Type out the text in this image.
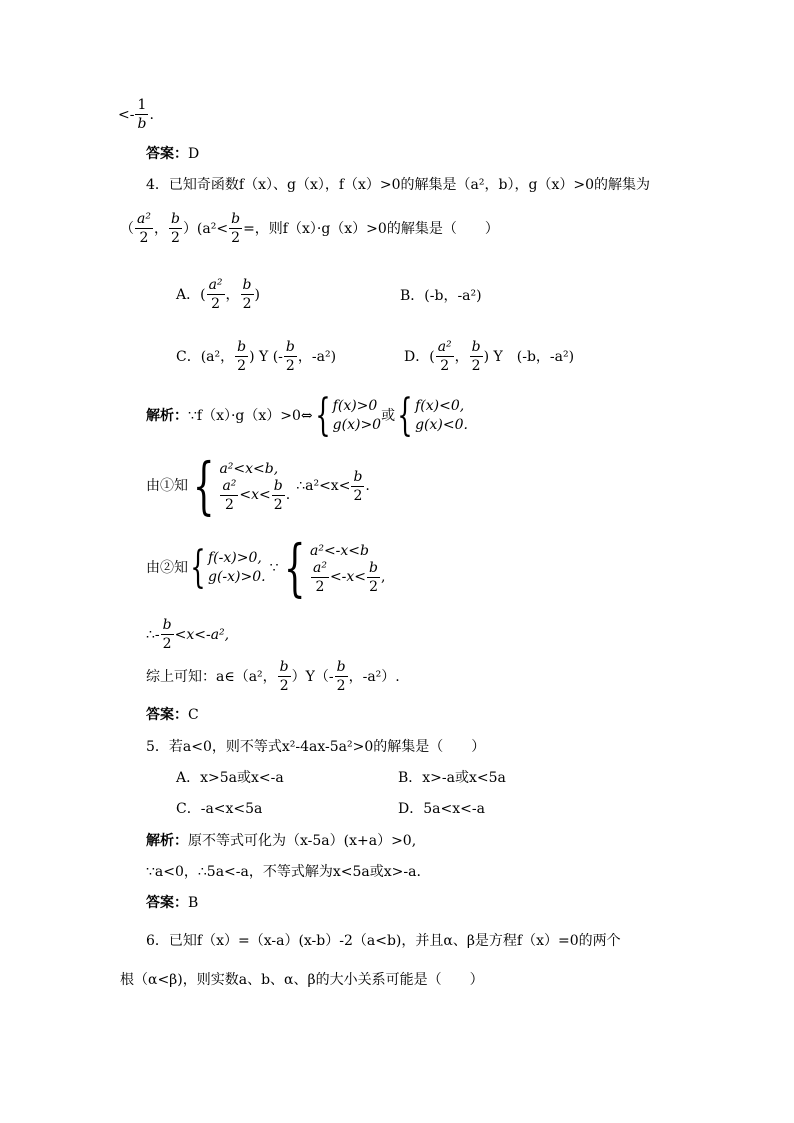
<- $\frac{1}{b}$ .
答案：D
4．已知奇函数f（x）、g（x），f（x）>0的解集是（a²，b），g（x）>0的解集为
（ $\frac{\text{a²}}{2}$ ， $\frac{b}{2} )(a^2< \frac{b}{2}$ =，则f（x）·g（x）>0的解集是（　　）
A．( $\frac{\text{a²}}{2}$ ， $\frac{b}{2}$ )	B．(-b，-a²)
C．(a²， $\frac{b}{2}$ ) Y (- $\frac{b}{2}$ ，-a²)	D．( $\frac{\text{a²}}{2}$ ， $\frac{b}{2}$ ) Y　(-b，-a²)
解析： ∵f（x）·g（x）>0⇔ { f(x)>0
g(x)>0
或 { f(x)<0,
g(x)<0.
由①知 { a²<x<b,
$\frac{\text{a²}}{2} <x< \frac{b}{2}$ .
∴a²<x< $\frac{b}{2}$ .
由②知 { f(-x)>0,
g(-x)>0.
∵ { a²<-x<b
$\frac{\text{a²}}{2} <-x< \frac{b}{2}$ ,
∴- $\frac{b}{2} <x<-a^2$,
综上可知：a∈（a²， $\frac{b}{2} )Y(- \frac{b}{2}$ ，-a²）.
答案：C
5．若a<0，则不等式x²-4ax-5a²>0的解集是（　　）
A．x>5a或x<-a	B．x>-a或x<5a
C．-a<x<5a	D．5a<x<-a
解析：原不等式可化为（x-5a）(x+a）>0,
∵a<0，∴5a<-a，不等式解为x<5a或x>-a.
答案：B
6．已知f（x）=（x-a）(x-b）-2（a<b)，并且α、β是方程f（x）=0的两个
根（α<β)，则实数a、b、α、β的大小关系可能是（　　）
